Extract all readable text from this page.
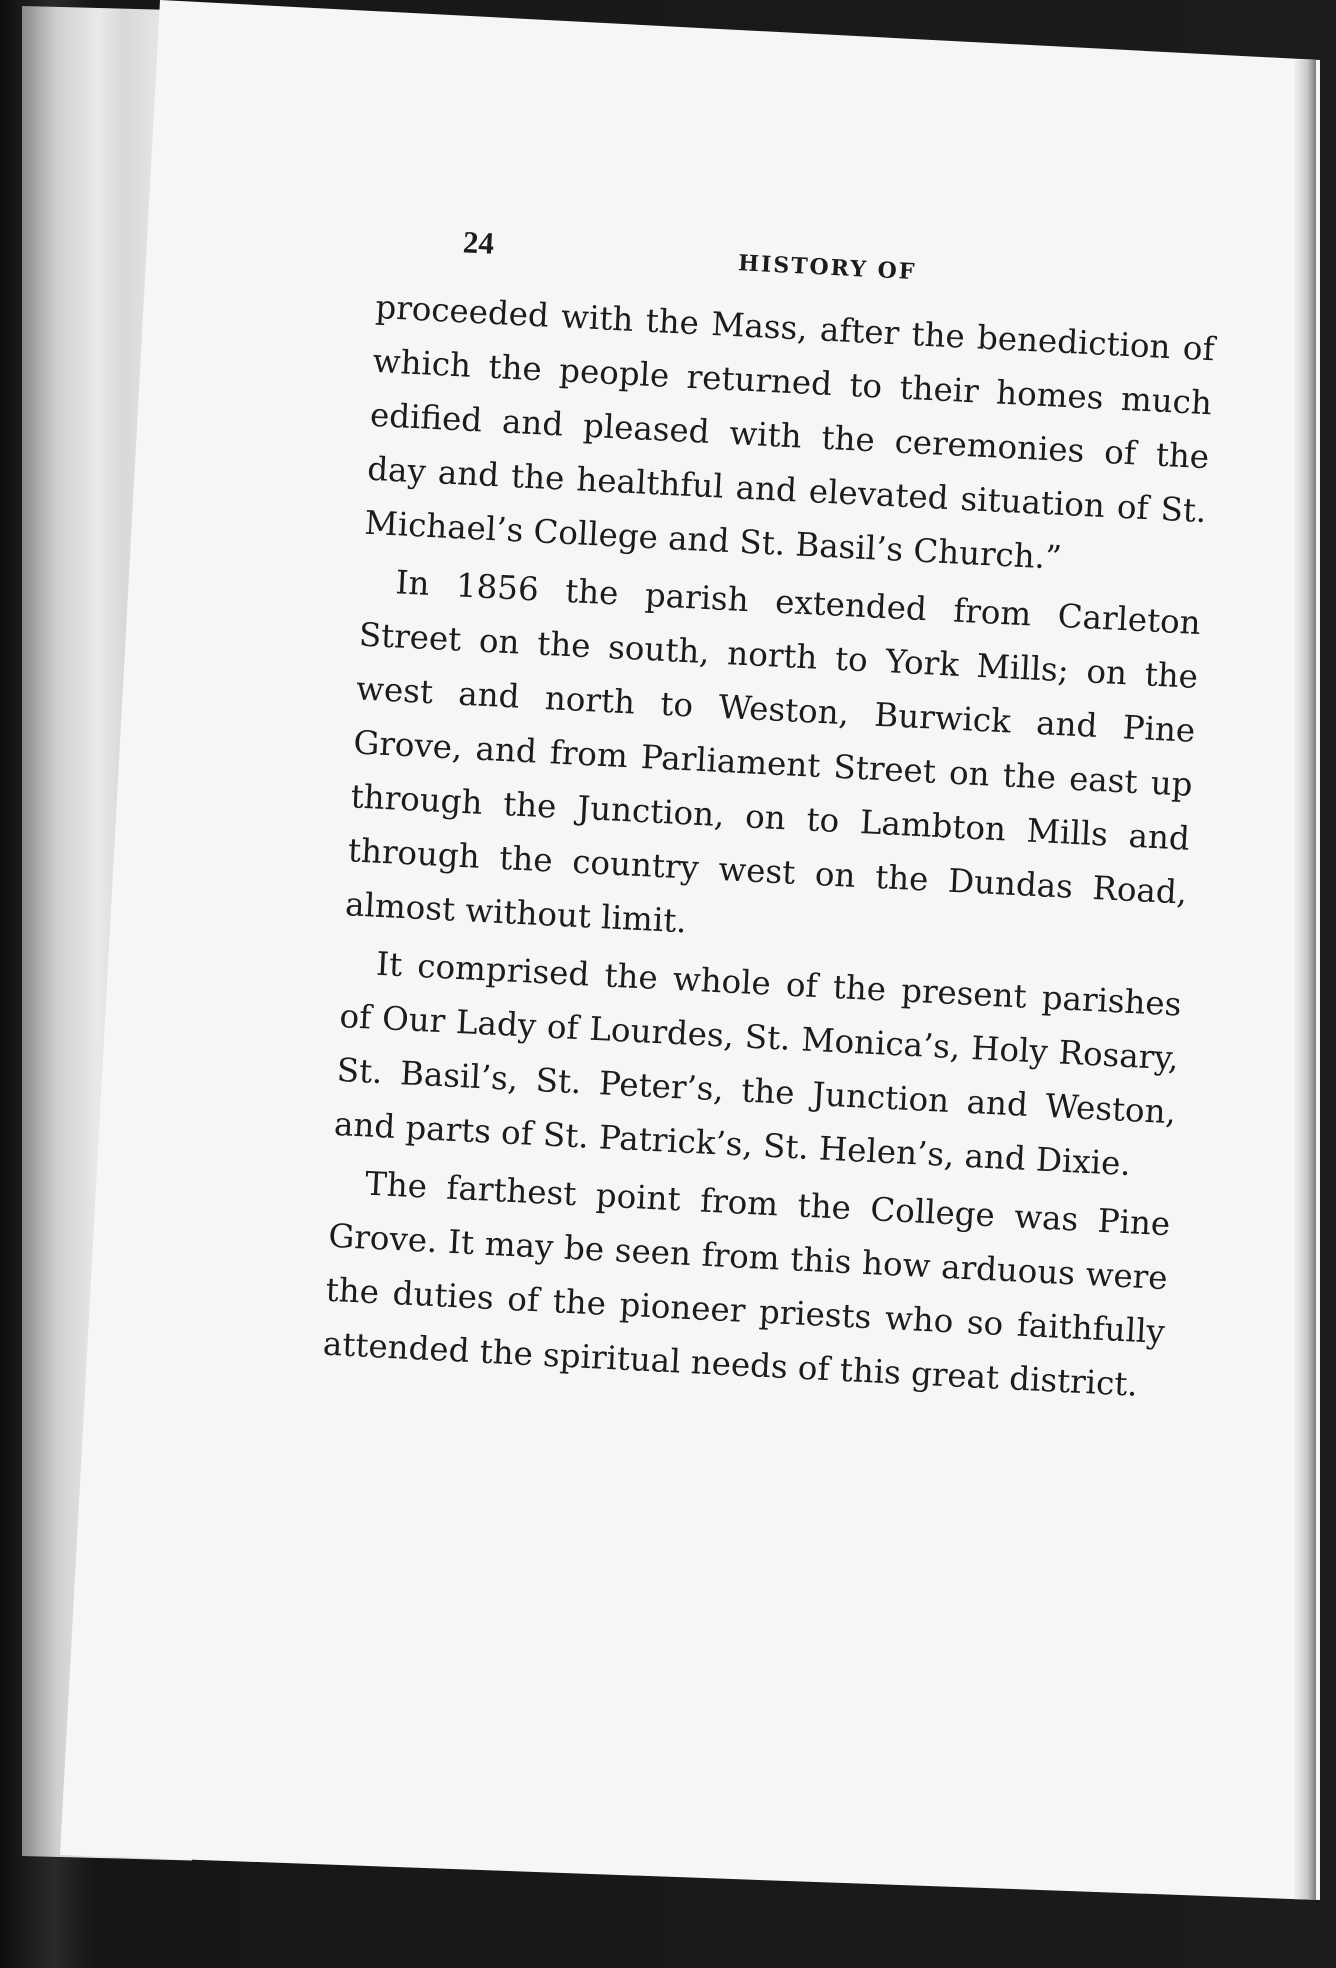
24
HISTORY OF

proceeded with the Mass, after the benediction of which the people returned to their homes much edified and pleased with the ceremonies of the day and the healthful and elevated situation of St. Michael’s College and St. Basil’s Church.”

In 1856 the parish extended from Carleton Street on the south, north to York Mills; on the west and north to Weston, Burwick and Pine Grove, and from Parliament Street on the east up through the Junction, on to Lambton Mills and through the country west on the Dundas Road, almost without limit.

It comprised the whole of the present parishes of Our Lady of Lourdes, St. Monica’s, Holy Rosary, St. Basil’s, St. Peter’s, the Junction and Weston, and parts of St. Patrick’s, St. Helen’s, and Dixie.

The farthest point from the College was Pine Grove. It may be seen from this how arduous were the duties of the pioneer priests who so faithfully attended the spiritual needs of this great district.
